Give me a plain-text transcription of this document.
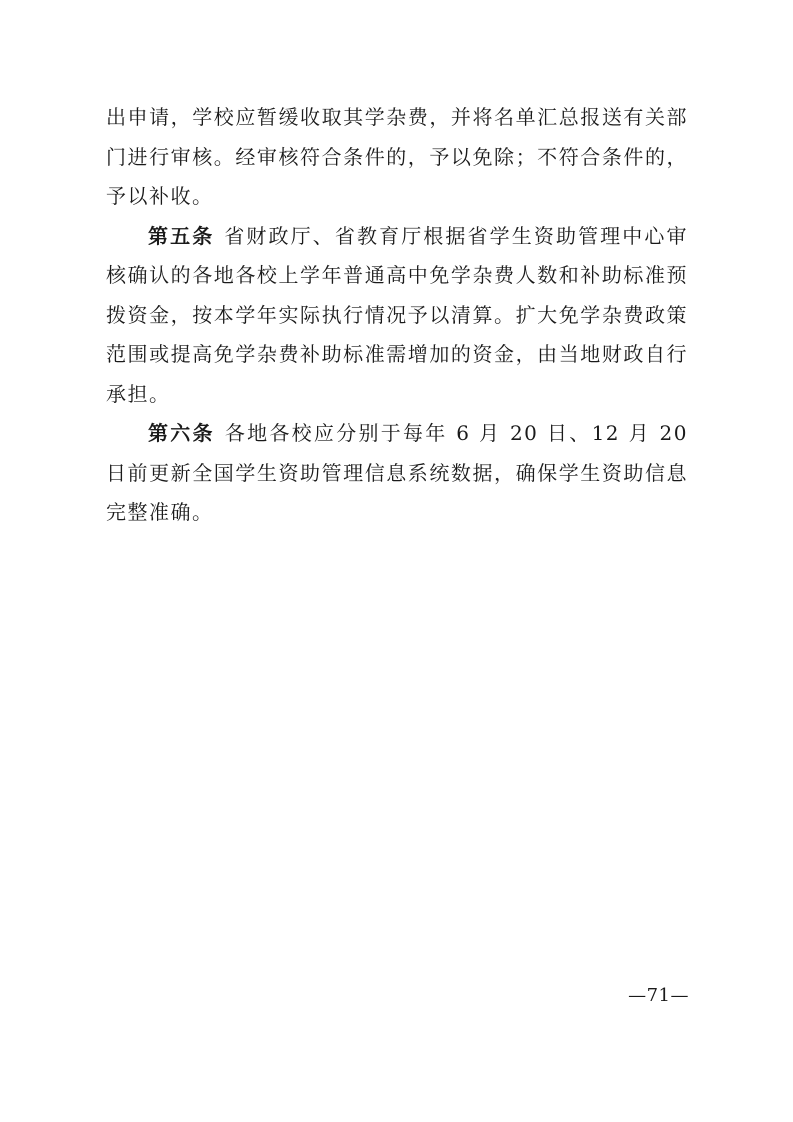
出申请，学校应暂缓收取其学杂费，并将名单汇总报送有关部门进行审核。经审核符合条件的，予以免除；不符合条件的，予以补收。

第五条 省财政厅、省教育厅根据省学生资助管理中心审核确认的各地各校上学年普通高中免学杂费人数和补助标准预拨资金，按本学年实际执行情况予以清算。扩大免学杂费政策范围或提高免学杂费补助标准需增加的资金，由当地财政自行承担。

第六条 各地各校应分别于每年 6 月 20 日、12 月 20 日前更新全国学生资助管理信息系统数据，确保学生资助信息完整准确。

—71—
